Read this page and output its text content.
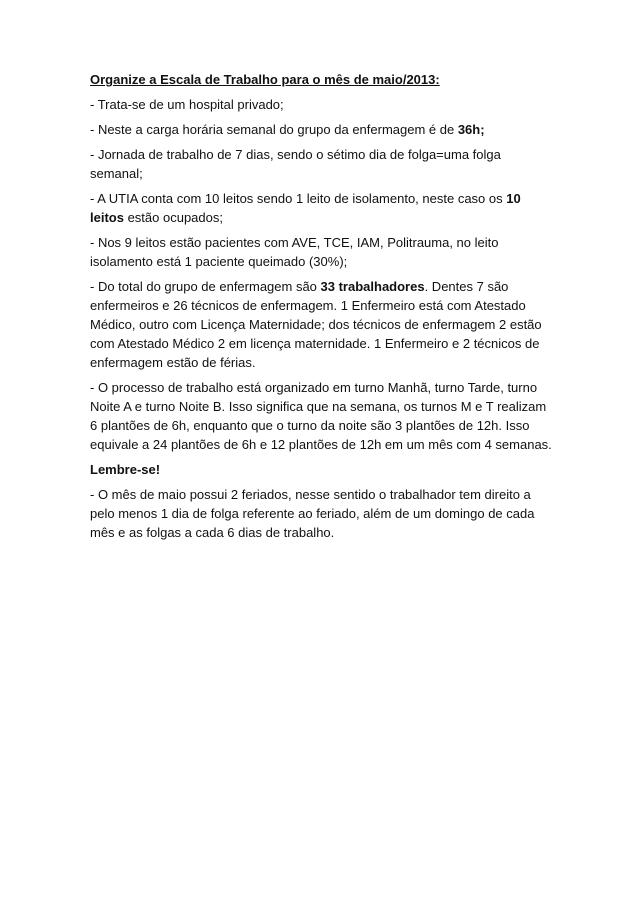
Organize a Escala de Trabalho para o mês de maio/2013:

- Trata-se de um hospital privado;

- Neste a carga horária semanal do grupo da enfermagem é de 36h;

- Jornada de trabalho de 7 dias, sendo o sétimo dia de folga=uma folga semanal;

- A UTIA conta com 10 leitos sendo 1 leito de isolamento, neste caso os 10 leitos estão ocupados;

- Nos 9 leitos estão pacientes com AVE, TCE, IAM, Politrauma, no leito isolamento está 1 paciente queimado (30%);

- Do total do grupo de enfermagem são 33 trabalhadores. Dentes 7 são enfermeiros e 26 técnicos de enfermagem. 1 Enfermeiro está com Atestado Médico, outro com Licença Maternidade; dos técnicos de enfermagem 2 estão com Atestado Médico 2 em licença maternidade. 1 Enfermeiro e 2 técnicos de enfermagem estão de férias.

- O processo de trabalho está organizado em turno Manhã, turno Tarde, turno Noite A e turno Noite B. Isso significa que na semana, os turnos M e T realizam 6 plantões de 6h, enquanto que o turno da noite são 3 plantões de 12h. Isso equivale a 24 plantões de 6h e 12 plantões de 12h em um mês com 4 semanas.

Lembre-se!

- O mês de maio possui 2 feriados, nesse sentido o trabalhador tem direito a pelo menos 1 dia de folga referente ao feriado, além de um domingo de cada mês e as folgas a cada 6 dias de trabalho.
